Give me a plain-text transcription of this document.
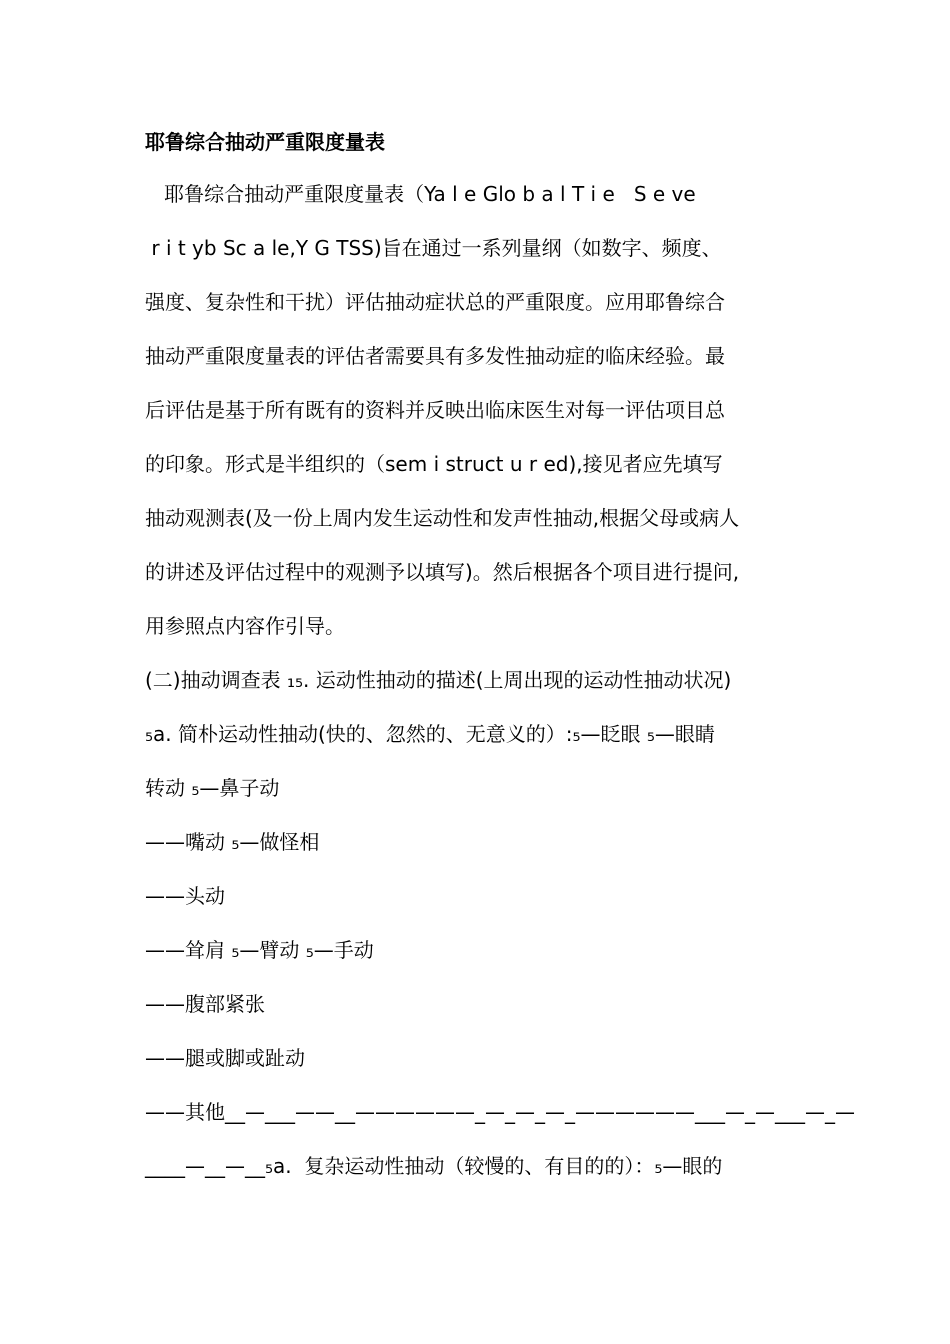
耶鲁综合抽动严重限度量表
耶鲁综合抽动严重限度量表（Ya l e Glo b a l T i e   S e ve
r i t yb Sc a le,Y G TSS)旨在通过一系列量纲（如数字、频度、
强度、复杂性和干扰）评估抽动症状总的严重限度。应用耶鲁综合
抽动严重限度量表的评估者需要具有多发性抽动症的临床经验。最
后评估是基于所有既有的资料并反映出临床医生对每一评估项目总
的印象。形式是半组织的（sem i struct u r ed),接见者应先填写
抽动观测表(及一份上周内发生运动性和发声性抽动,根据父母或病人
的讲述及评估过程中的观测予以填写)。然后根据各个项目进行提问,
用参照点内容作引导。
(二)抽动调查表 ₁₅. 运动性抽动的描述(上周出现的运动性抽动状况)
₅a. 简朴运动性抽动(快的、忽然的、无意义的）:₅—眨眼 ₅—眼睛
转动 ₅—鼻子动
——嘴动 ₅—做怪相
——头动
——耸肩 ₅—臂动 ₅—手动
——腹部紧张
——腿或脚或趾动
——其他__—___——__——————_—_—_—_——————___—_—___—_—
____—__—__₅a.  复杂运动性抽动（较慢的、有目的的）：₅—眼的
